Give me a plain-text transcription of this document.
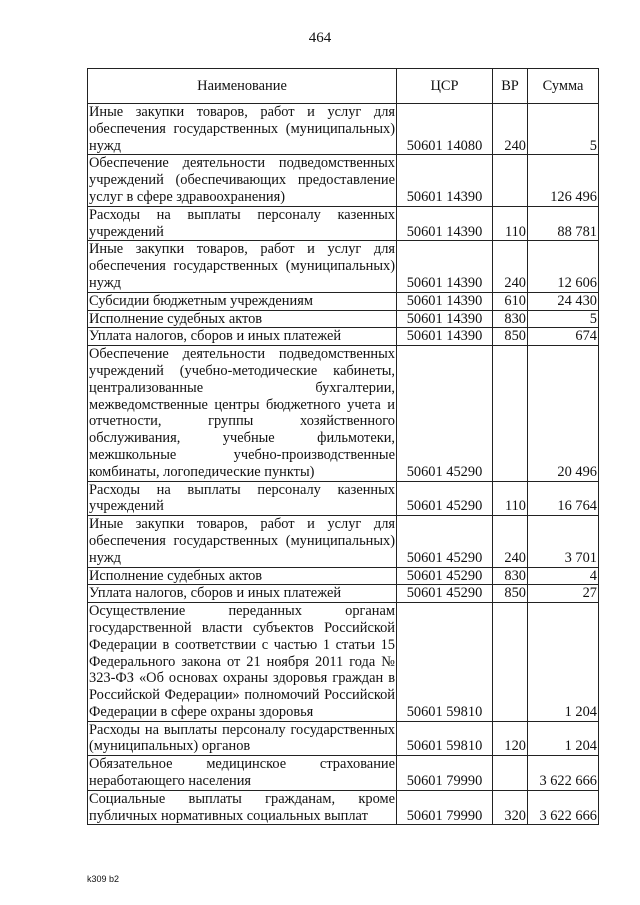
464
Наименование	ЦСР	ВР	Сумма
Иные закупки товаров, работ и услуг для обеспечения государственных (муниципальных) нужд	50601 14080	240	5
Обеспечение деятельности подведомственных учреждений (обеспечивающих предоставление услуг в сфере здравоохранения)	50601 14390		126 496
Расходы на выплаты персоналу казенных учреждений	50601 14390	110	88 781
Иные закупки товаров, работ и услуг для обеспечения государственных (муниципальных) нужд	50601 14390	240	12 606
Субсидии бюджетным учреждениям	50601 14390	610	24 430
Исполнение судебных актов	50601 14390	830	5
Уплата налогов, сборов и иных платежей	50601 14390	850	674
Обеспечение деятельности подведомственных учреждений (учебно-методические кабинеты, централизованные бухгалтерии, межведомственные центры бюджетного учета и отчетности, группы хозяйственного обслуживания, учебные фильмотеки, межшкольные учебно-производственные комбинаты, логопедические пункты)	50601 45290		20 496
Расходы на выплаты персоналу казенных учреждений	50601 45290	110	16 764
Иные закупки товаров, работ и услуг для обеспечения государственных (муниципальных) нужд	50601 45290	240	3 701
Исполнение судебных актов	50601 45290	830	4
Уплата налогов, сборов и иных платежей	50601 45290	850	27
Осуществление переданных органам государственной власти субъектов Российской Федерации в соответствии с частью 1 статьи 15 Федерального закона от 21 ноября 2011 года № 323-ФЗ «Об основах охраны здоровья граждан в Российской Федерации» полномочий Российской Федерации в сфере охраны здоровья	50601 59810		1 204
Расходы на выплаты персоналу государственных (муниципальных) органов	50601 59810	120	1 204
Обязательное медицинское страхование неработающего населения	50601 79990		3 622 666
Социальные выплаты гражданам, кроме публичных нормативных социальных выплат	50601 79990	320	3 622 666
k309 b2
